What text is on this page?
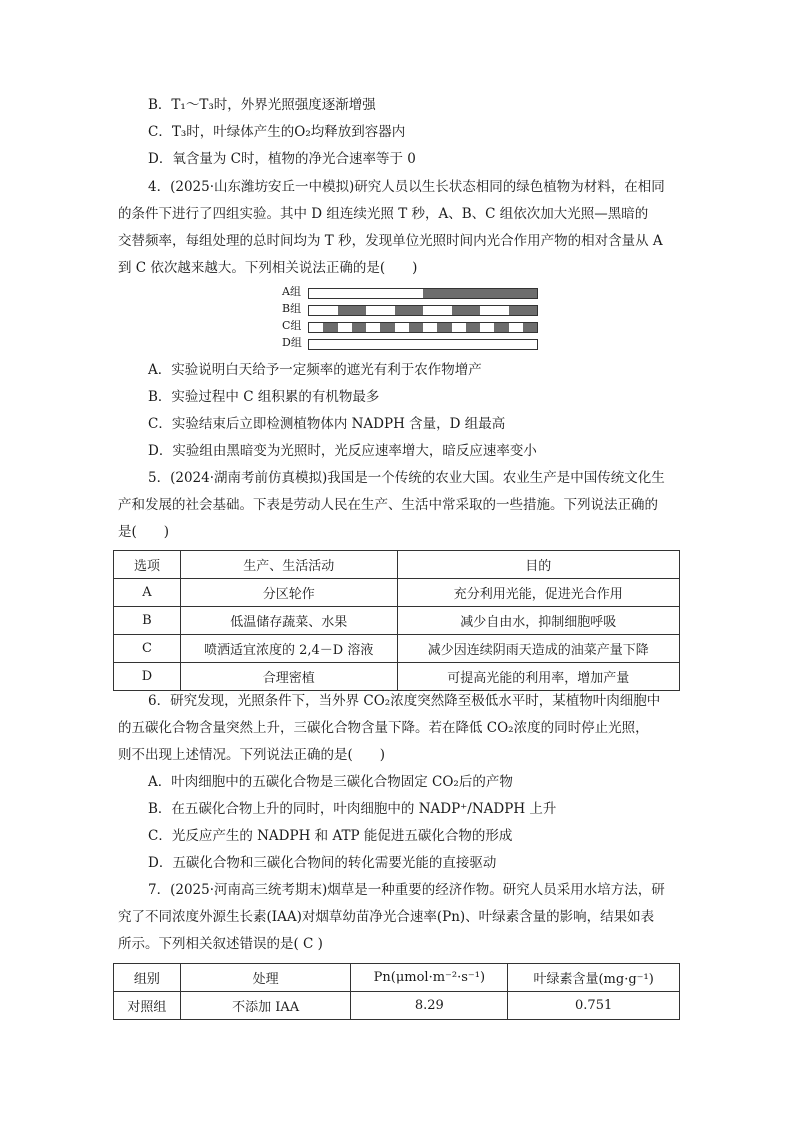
B．T₁～T₃时，外界光照强度逐渐增强
C．T₃时，叶绿体产生的O₂均释放到容器内
D．氧含量为 C时，植物的净光合速率等于 0
4．(2025·山东潍坊安丘一中模拟)研究人员以生长状态相同的绿色植物为材料，在相同
的条件下进行了四组实验。其中 D 组连续光照 T 秒，A、B、C 组依次加大光照—黑暗的
交替频率，每组处理的总时间均为 T 秒，发现单位光照时间内光合作用产物的相对含量从 A
到 C 依次越来越大。下列相关说法正确的是(　　)
A组
B组
C组
D组
A．实验说明白天给予一定频率的遮光有利于农作物增产
B．实验过程中 C 组积累的有机物最多
C．实验结束后立即检测植物体内 NADPH 含量，D 组最高
D．实验组由黑暗变为光照时，光反应速率增大，暗反应速率变小
5．(2024·湖南考前仿真模拟)我国是一个传统的农业大国。农业生产是中国传统文化生
产和发展的社会基础。下表是劳动人民在生产、生活中常采取的一些措施。下列说法正确的
是(　　)
选项	生产、生活活动	目的
A	分区轮作	充分利用光能，促进光合作用
B	低温储存蔬菜、水果	减少自由水，抑制细胞呼吸
C	喷洒适宜浓度的 2,4－D 溶液	减少因连续阴雨天造成的油菜产量下降
D	合理密植	可提高光能的利用率，增加产量
6．研究发现，光照条件下，当外界 CO₂浓度突然降至极低水平时，某植物叶肉细胞中
的五碳化合物含量突然上升，三碳化合物含量下降。若在降低 CO₂浓度的同时停止光照，
则不出现上述情况。下列说法正确的是(　　)
A．叶肉细胞中的五碳化合物是三碳化合物固定 CO₂后的产物
B．在五碳化合物上升的同时，叶肉细胞中的 NADP⁺/NADPH 上升
C．光反应产生的 NADPH 和 ATP 能促进五碳化合物的形成
D．五碳化合物和三碳化合物间的转化需要光能的直接驱动
7．(2025·河南高三统考期末)烟草是一种重要的经济作物。研究人员采用水培方法，研
究了不同浓度外源生长素(IAA)对烟草幼苗净光合速率(Pn)、叶绿素含量的影响，结果如表
所示。下列相关叙述错误的是( C )
组别	处理	Pn(μmol·m⁻²·s⁻¹)	叶绿素含量(mg·g⁻¹)
对照组	不添加 IAA	8.29	0.751
